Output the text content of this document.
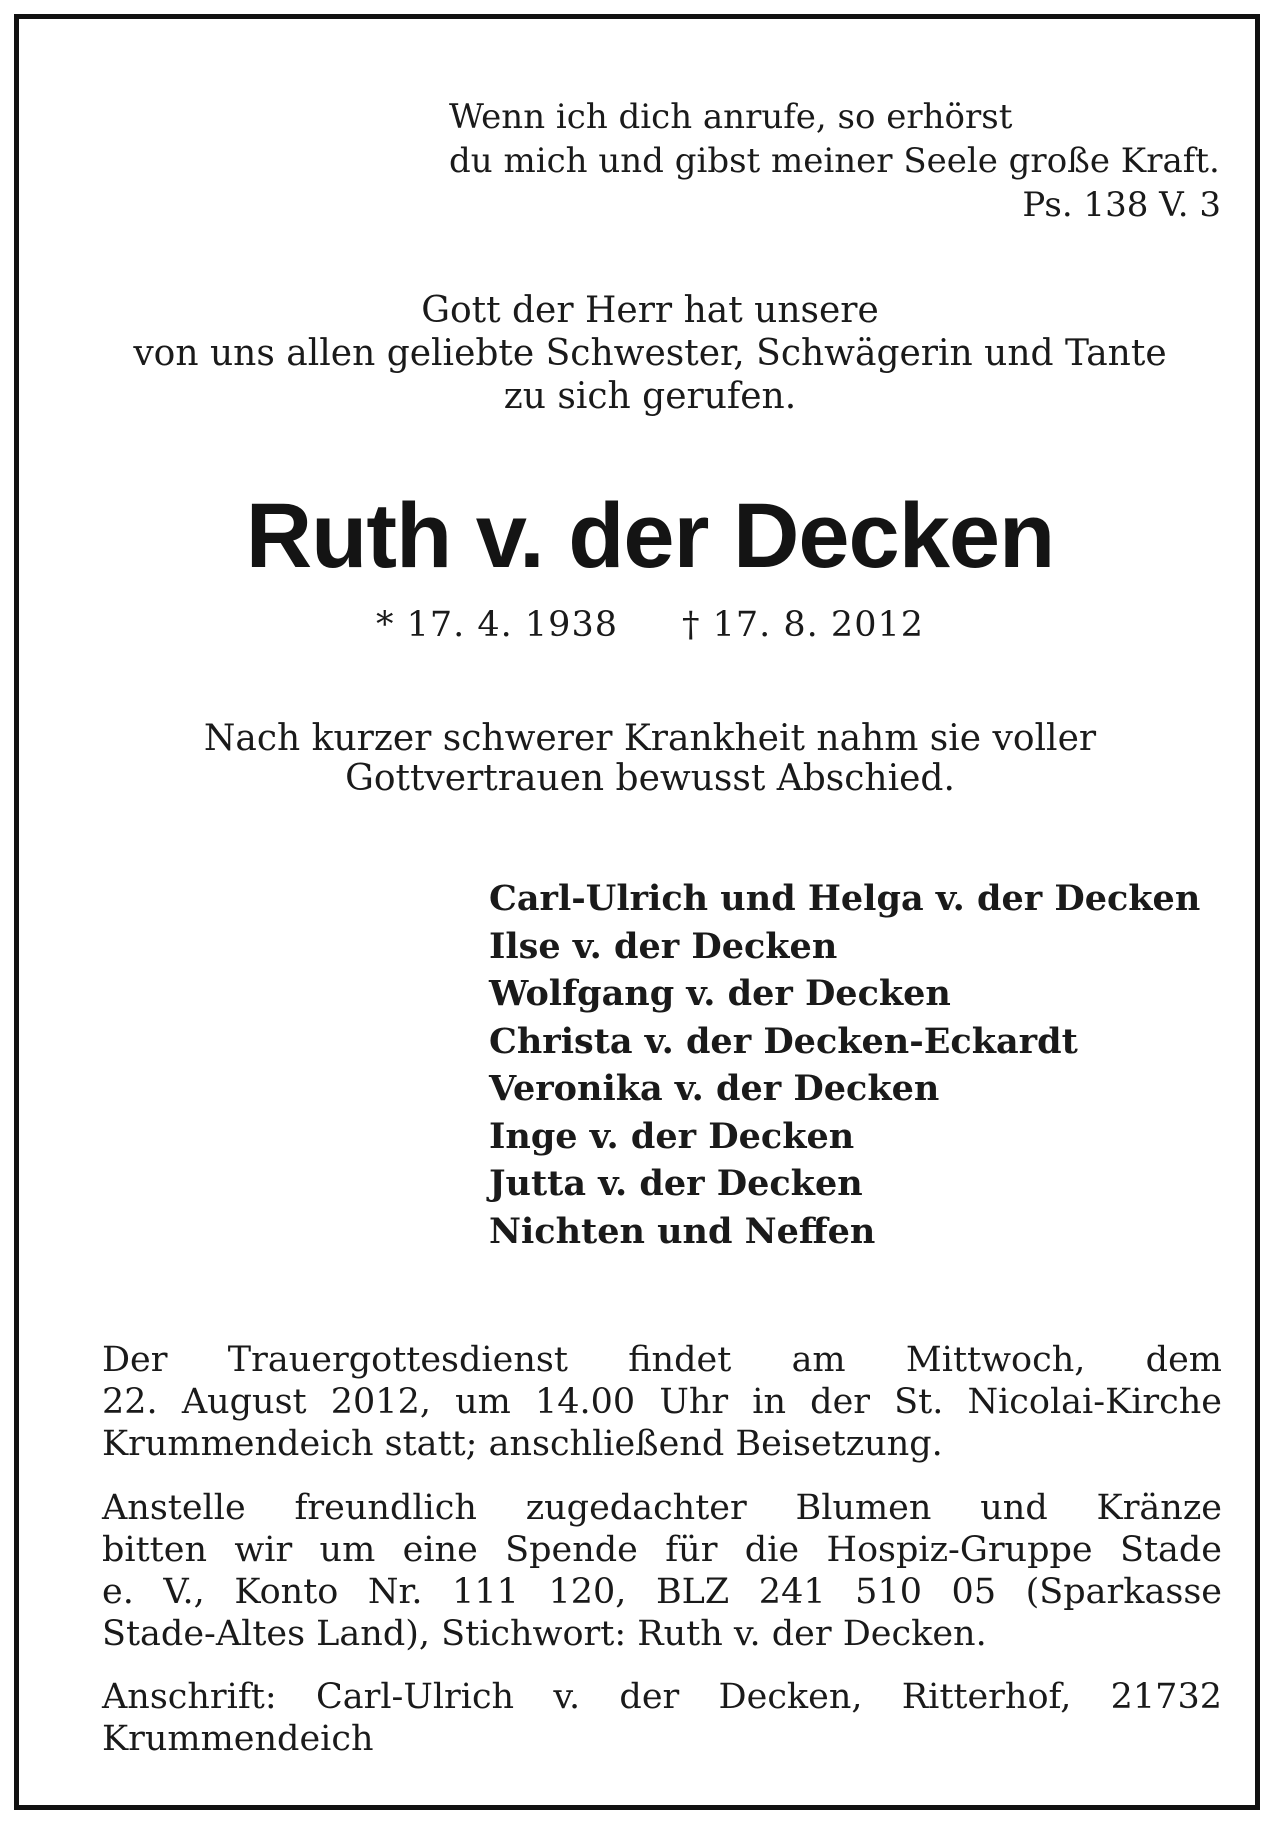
Wenn ich dich anrufe, so erhörst
du mich und gibst meiner Seele große Kraft.
Ps. 138 V. 3
Gott der Herr hat unsere
von uns allen geliebte Schwester, Schwägerin und Tante
zu sich gerufen.
Ruth v. der Decken
* 17. 4. 1938 † 17. 8. 2012
Nach kurzer schwerer Krankheit nahm sie voller
Gottvertrauen bewusst Abschied.
Carl-Ulrich und Helga v. der Decken
Ilse v. der Decken
Wolfgang v. der Decken
Christa v. der Decken-Eckardt
Veronika v. der Decken
Inge v. der Decken
Jutta v. der Decken
Nichten und Neffen
Der Trauergottesdienst findet am Mittwoch, dem
22. August 2012, um 14.00 Uhr in der St. Nicolai-Kirche
Krummendeich statt; anschließend Beisetzung.
Anstelle freundlich zugedachter Blumen und Kränze
bitten wir um eine Spende für die Hospiz-Gruppe Stade
e. V., Konto Nr. 111 120, BLZ 241 510 05 (Sparkasse
Stade-Altes Land), Stichwort: Ruth v. der Decken.
Anschrift: Carl-Ulrich v. der Decken, Ritterhof, 21732
Krummendeich
